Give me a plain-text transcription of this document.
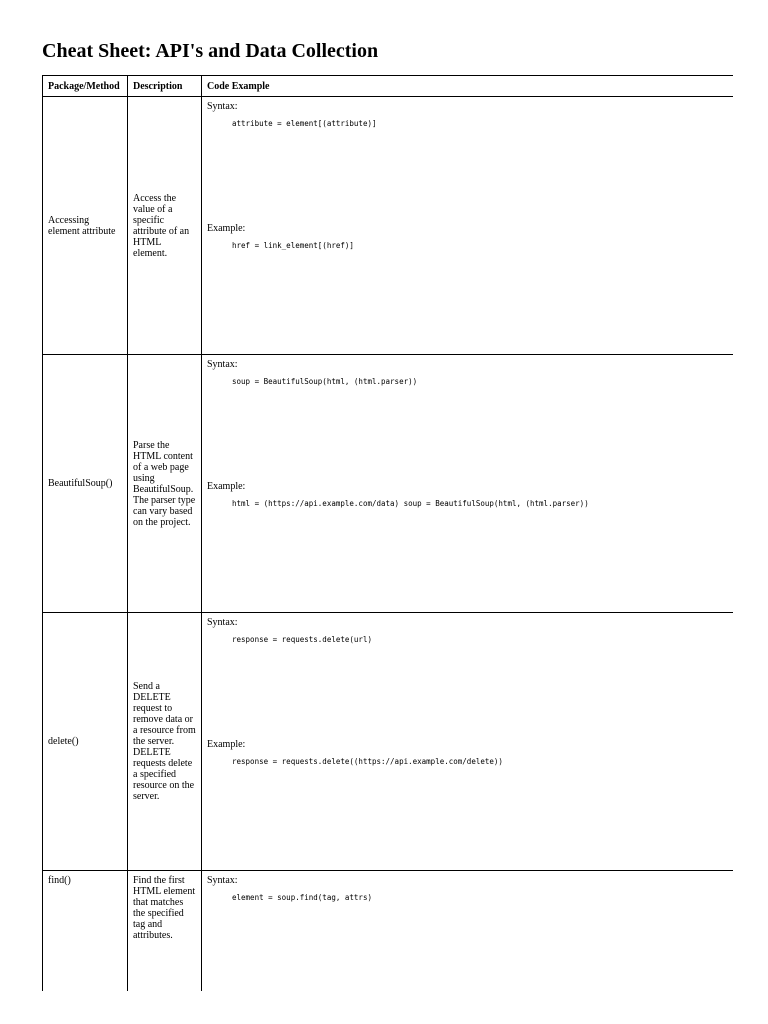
Cheat Sheet: API's and Data Collection
Package/Method	Description	Code Example
Accessing element attribute	Access the value of a specific attribute of an HTML element.	Syntax:
attribute = element[(attribute)]
Example:
href = link_element[(href)]

BeautifulSoup()	Parse the HTML content of a web page using BeautifulSoup. The parser type can vary based on the project.	Syntax:
soup = BeautifulSoup(html, (html.parser))
Example:
html = (https://api.example.com/data) soup = BeautifulSoup(html, (html.parser))

delete()	Send a DELETE request to remove data or a resource from the server. DELETE requests delete a specified resource on the server.	Syntax:
response = requests.delete(url)
Example:
response = requests.delete((https://api.example.com/delete))

find()	Find the first HTML element that matches the specified tag and attributes.	Syntax:
element = soup.find(tag, attrs)
